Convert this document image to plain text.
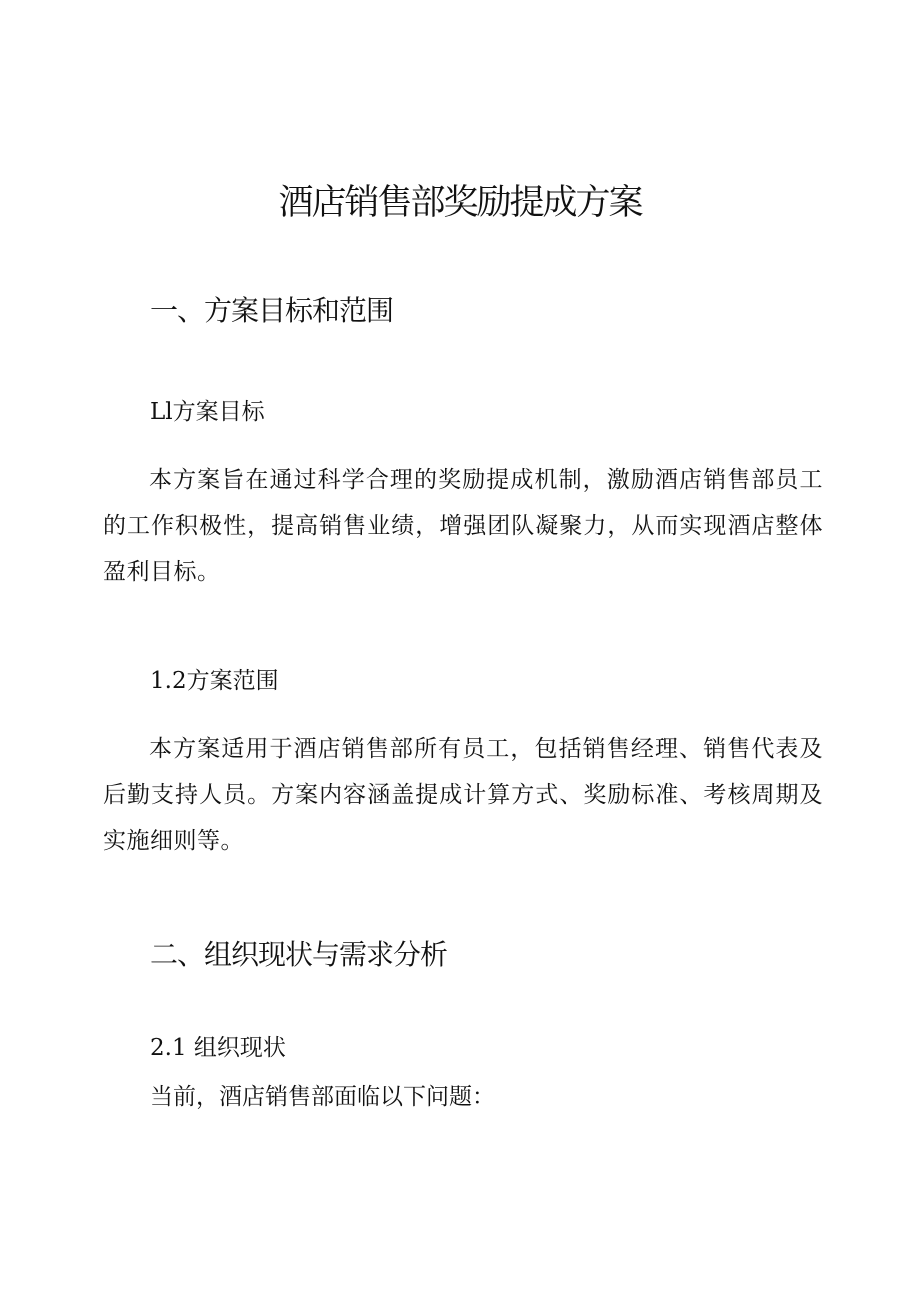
酒店销售部奖励提成方案
一、方案目标和范围
Ll方案目标

本方案旨在通过科学合理的奖励提成机制，激励酒店销售部员工的工作积极性，提高销售业绩，增强团队凝聚力，从而实现酒店整体盈利目标。

1.2方案范围

本方案适用于酒店销售部所有员工，包括销售经理、销售代表及后勤支持人员。方案内容涵盖提成计算方式、奖励标准、考核周期及实施细则等。

二、组织现状与需求分析
2.1 组织现状

当前，酒店销售部面临以下问题：
